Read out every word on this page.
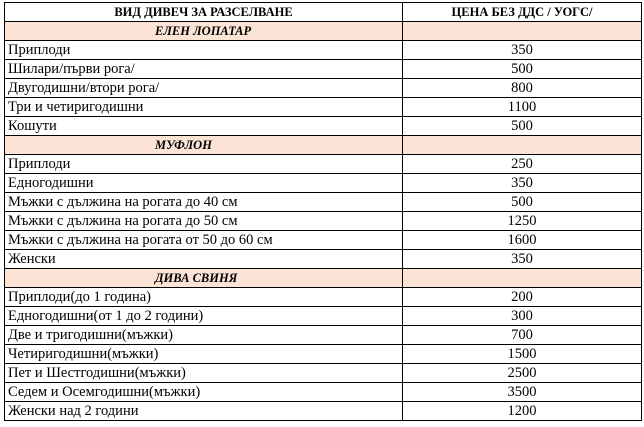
ВИД ДИВЕЧ ЗА РАЗСЕЛВАНЕ	ЦЕНА БЕЗ ДДС / УОГС/
ЕЛЕН ЛОПАТАР	
Приплоди	350
Шилари/първи рога/	500
Двугодишни/втори рога/	800
Три и четиригодишни	1100
Кошути	500
МУФЛОН	
Приплоди	250
Едногодишни	350
Мъжки с дължина на рогата до 40 см	500
Мъжки с дължина на рогата до 50 см	1250
Мъжки с дължина на рогата от 50 до 60 см	1600
Женски	350
ДИВА СВИНЯ	
Приплоди(до 1 година)	200
Едногодишни(от 1 до 2 години)	300
Две и тригодишни(мъжки)	700
Четиригодишни(мъжки)	1500
Пет и Шестгодишни(мъжки)	2500
Седем и Осемгодишни(мъжки)	3500
Женски над 2 години	1200
